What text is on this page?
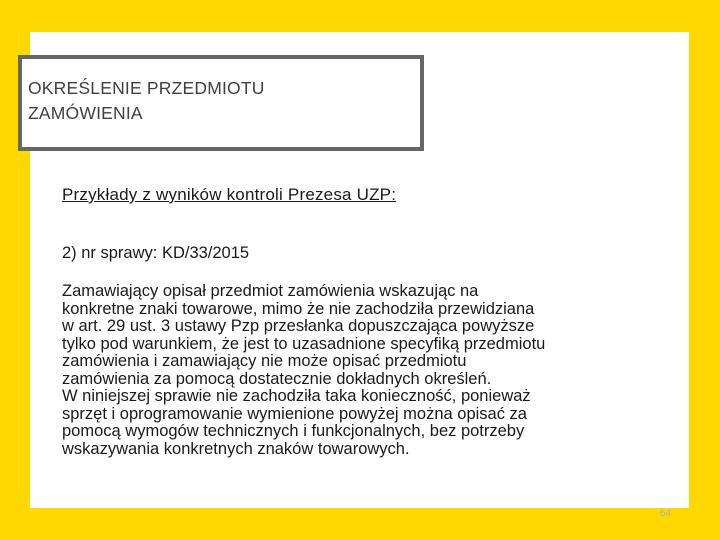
OKREŚLENIE PRZEDMIOTU
ZAMÓWIENIA
Przykłady z wyników kontroli Prezesa UZP:
2) nr sprawy: KD/33/2015

Zamawiający opisał przedmiot zamówienia wskazując na

konkretne znaki towarowe, mimo że nie zachodziła przewidziana

w art. 29 ust. 3 ustawy Pzp przesłanka dopuszczająca powyższe

tylko pod warunkiem, że jest to uzasadnione specyfiką przedmiotu

zamówienia i zamawiający nie może opisać przedmiotu

zamówienia za pomocą dostatecznie dokładnych określeń.

W niniejszej sprawie nie zachodziła taka konieczność, ponieważ

sprzęt i oprogramowanie wymienione powyżej można opisać za

pomocą wymogów technicznych i funkcjonalnych, bez potrzeby

wskazywania konkretnych znaków towarowych.

64
